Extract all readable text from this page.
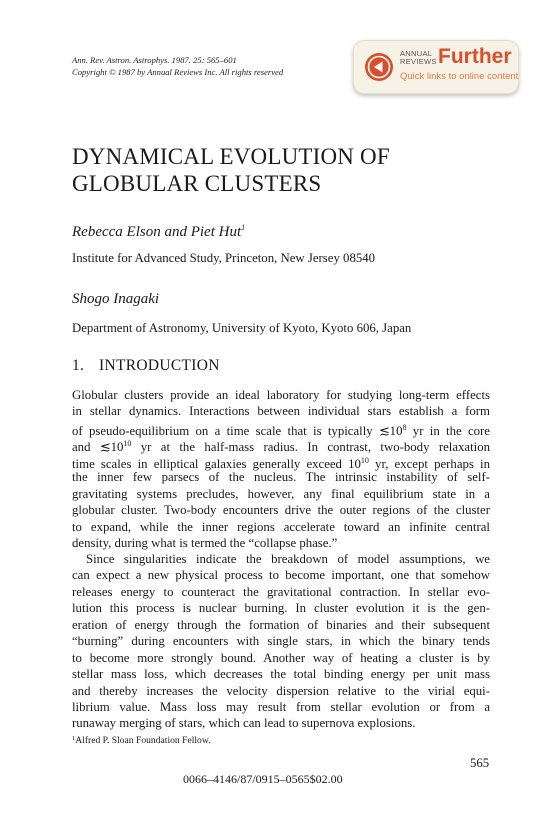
Ann. Rev. Astron. Astrophys. 1987. 25: 565–601
Copyright © 1987 by Annual Reviews Inc. All rights reserved
ANNUAL
REVIEWS Further
Quick links to online content
DYNAMICAL EVOLUTION OF
GLOBULAR CLUSTERS
Rebecca Elson and Piet Hut$^1$
Institute for Advanced Study, Princeton, New Jersey 08540
Shogo Inagaki
Department of Astronomy, University of Kyoto, Kyoto 606, Japan
1. INTRODUCTION
Globular clusters provide an ideal laboratory for studying long-term effects
in stellar dynamics. Interactions between individual stars establish a form
of pseudo-equilibrium on a time scale that is typically $≲10^8$ yr in the core
and $≲10^{10}$ yr at the half-mass radius. In contrast, two-body relaxation
time scales in elliptical galaxies generally exceed $10^{10}$ yr, except perhaps in
the inner few parsecs of the nucleus. The intrinsic instability of self-
gravitating systems precludes, however, any final equilibrium state in a
globular cluster. Two-body encounters drive the outer regions of the cluster
to expand, while the inner regions accelerate toward an infinite central
density, during what is termed the “collapse phase.”
Since singularities indicate the breakdown of model assumptions, we
can expect a new physical process to become important, one that somehow
releases energy to counteract the gravitational contraction. In stellar evo-
lution this process is nuclear burning. In cluster evolution it is the gen-
eration of energy through the formation of binaries and their subsequent
“burning” during encounters with single stars, in which the binary tends
to become more strongly bound. Another way of heating a cluster is by
stellar mass loss, which decreases the total binding energy per unit mass
and thereby increases the velocity dispersion relative to the virial equi-
librium value. Mass loss may result from stellar evolution or from a
runaway merging of stars, which can lead to supernova explosions.
$^1$Alfred P. Sloan Foundation Fellow.
565
0066–4146/87/0915–0565$02.00
